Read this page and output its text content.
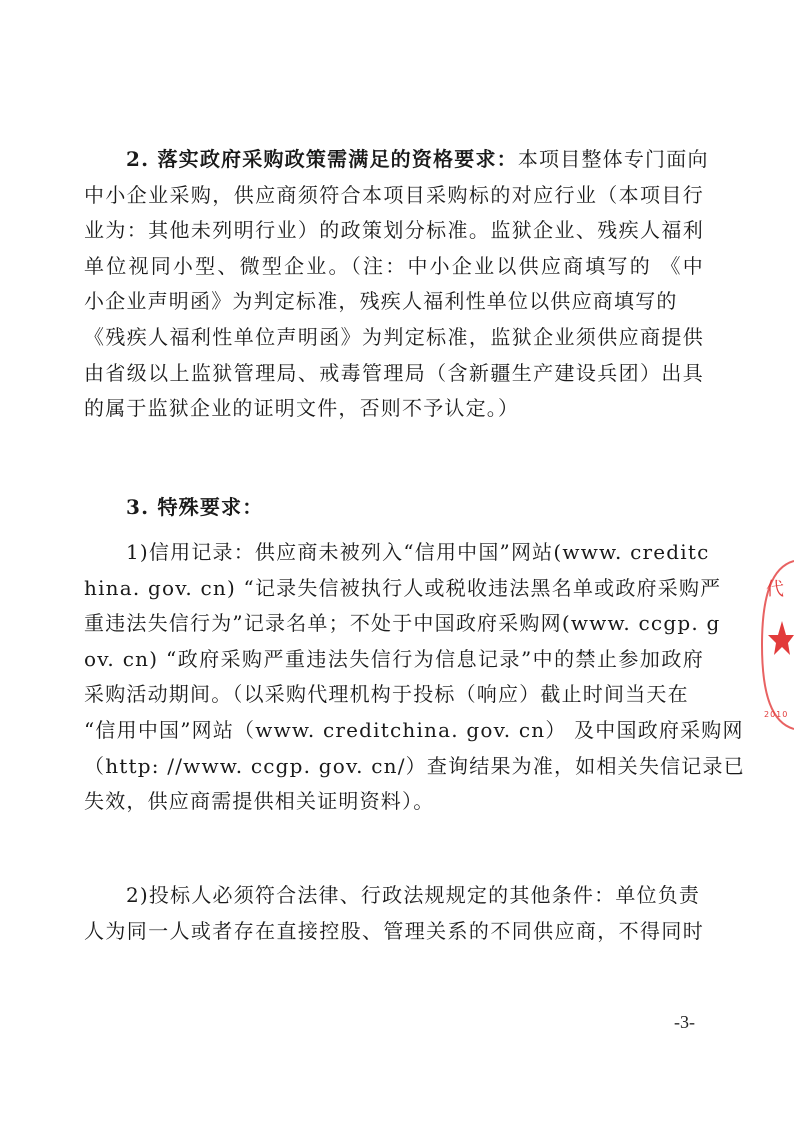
2. 落实政府采购政策需满足的资格要求：本项目整体专门面向
中小企业采购，供应商须符合本项目采购标的对应行业（本项目行
业为：其他未列明行业）的政策划分标准。监狱企业、残疾人福利
单位视同小型、微型企业。（注：中小企业以供应商填写的 《中
小企业声明函》为判定标准，残疾人福利性单位以供应商填写的
《残疾人福利性单位声明函》为判定标准，监狱企业须供应商提供
由省级以上监狱管理局、戒毒管理局（含新疆生产建设兵团）出具
的属于监狱企业的证明文件，否则不予认定。）
3. 特殊要求：
1)信用记录：供应商未被列入“信用中国”网站(www. creditc
hina. gov. cn) “记录失信被执行人或税收违法黑名单或政府采购严
重违法失信行为”记录名单；不处于中国政府采购网(www. ccgp. g
ov. cn) “政府采购严重违法失信行为信息记录”中的禁止参加政府
采购活动期间。（以采购代理机构于投标（响应）截止时间当天在
“信用中国”网站（www. creditchina. gov. cn） 及中国政府采购网
（http: //www. ccgp. gov. cn/）查询结果为准，如相关失信记录已
失效，供应商需提供相关证明资料）。
2)投标人必须符合法律、行政法规规定的其他条件：单位负责
人为同一人或者存在直接控股、管理关系的不同供应商，不得同时
代
2010
-3-
